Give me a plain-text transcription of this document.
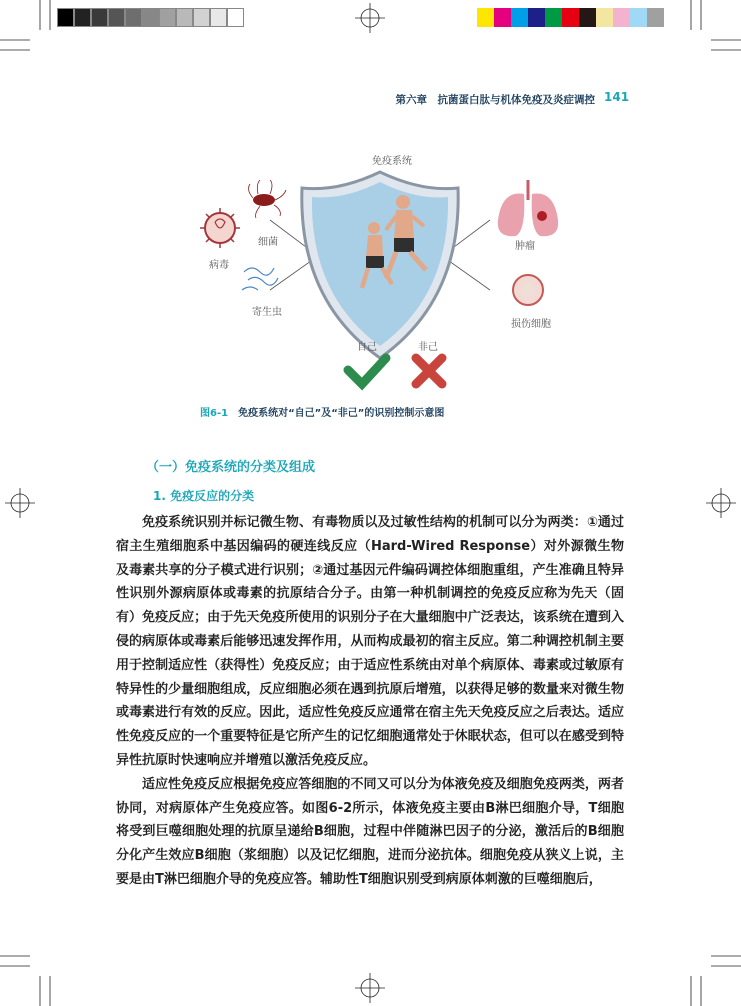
第六章　抗菌蛋白肽与机体免疫及炎症调控 141
免疫系统
细菌
病毒
寄生虫
肿瘤
损伤细胞
自己	非己
图6-1 免疫系统对“自己”及“非己”的识别控制示意图
（一）免疫系统的分类及组成
1. 免疫反应的分类

免疫系统识别并标记微生物、有毒物质以及过敏性结构的机制可以分为两类：①通过宿主生殖细胞系中基因编码的硬连线反应（Hard-Wired Response）对外源微生物及毒素共享的分子模式进行识别；②通过基因元件编码调控体细胞重组，产生准确且特异性识别外源病原体或毒素的抗原结合分子。由第一种机制调控的免疫反应称为先天（固有）免疫反应；由于先天免疫所使用的识别分子在大量细胞中广泛表达，该系统在遭到入侵的病原体或毒素后能够迅速发挥作用，从而构成最初的宿主反应。第二种调控机制主要用于控制适应性（获得性）免疫反应；由于适应性系统由对单个病原体、毒素或过敏原有特异性的少量细胞组成，反应细胞必须在遇到抗原后增殖，以获得足够的数量来对微生物或毒素进行有效的反应。因此，适应性免疫反应通常在宿主先天免疫反应之后表达。适应性免疫反应的一个重要特征是它所产生的记忆细胞通常处于休眠状态，但可以在感受到特异性抗原时快速响应并增殖以激活免疫反应。

适应性免疫反应根据免疫应答细胞的不同又可以分为体液免疫及细胞免疫两类，两者协同，对病原体产生免疫应答。如图6-2所示，体液免疫主要由B淋巴细胞介导，T细胞将受到巨噬细胞处理的抗原呈递给B细胞，过程中伴随淋巴因子的分泌，激活后的B细胞分化产生效应B细胞（浆细胞）以及记忆细胞，进而分泌抗体。细胞免疫从狭义上说，主要是由T淋巴细胞介导的免疫应答。辅助性T细胞识别受到病原体刺激的巨噬细胞后，
